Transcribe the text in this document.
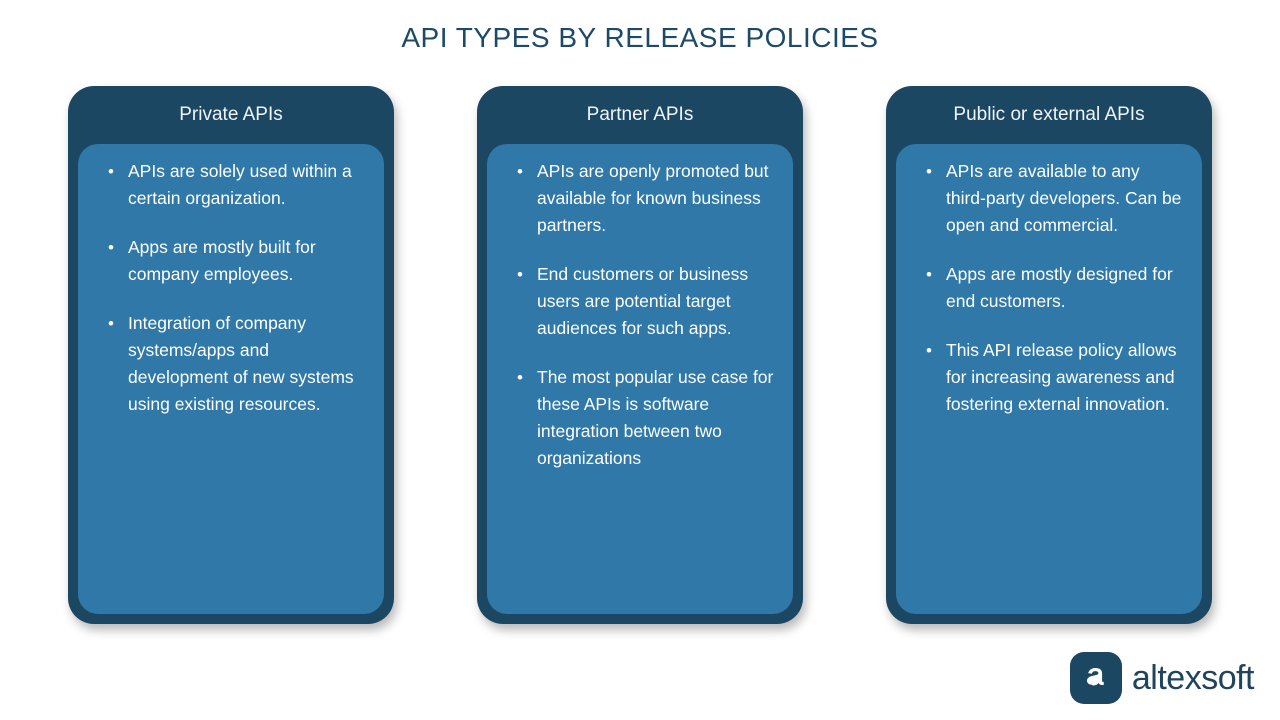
API TYPES BY RELEASE POLICIES
Private APIs
• APIs are solely used within a certain organization.
• Apps are mostly built for company employees.
• Integration of company systems/apps and development of new systems using existing resources.
Partner APIs
• APIs are openly promoted but available for known business partners.
• End customers or business users are potential target audiences for such apps.
• The most popular use case for these APIs is software integration between two organizations
Public or external APIs
• APIs are available to any third-party developers. Can be open and commercial.
• Apps are mostly designed for end customers.
• This API release policy allows for increasing awareness and fostering external innovation.
altexsoft
